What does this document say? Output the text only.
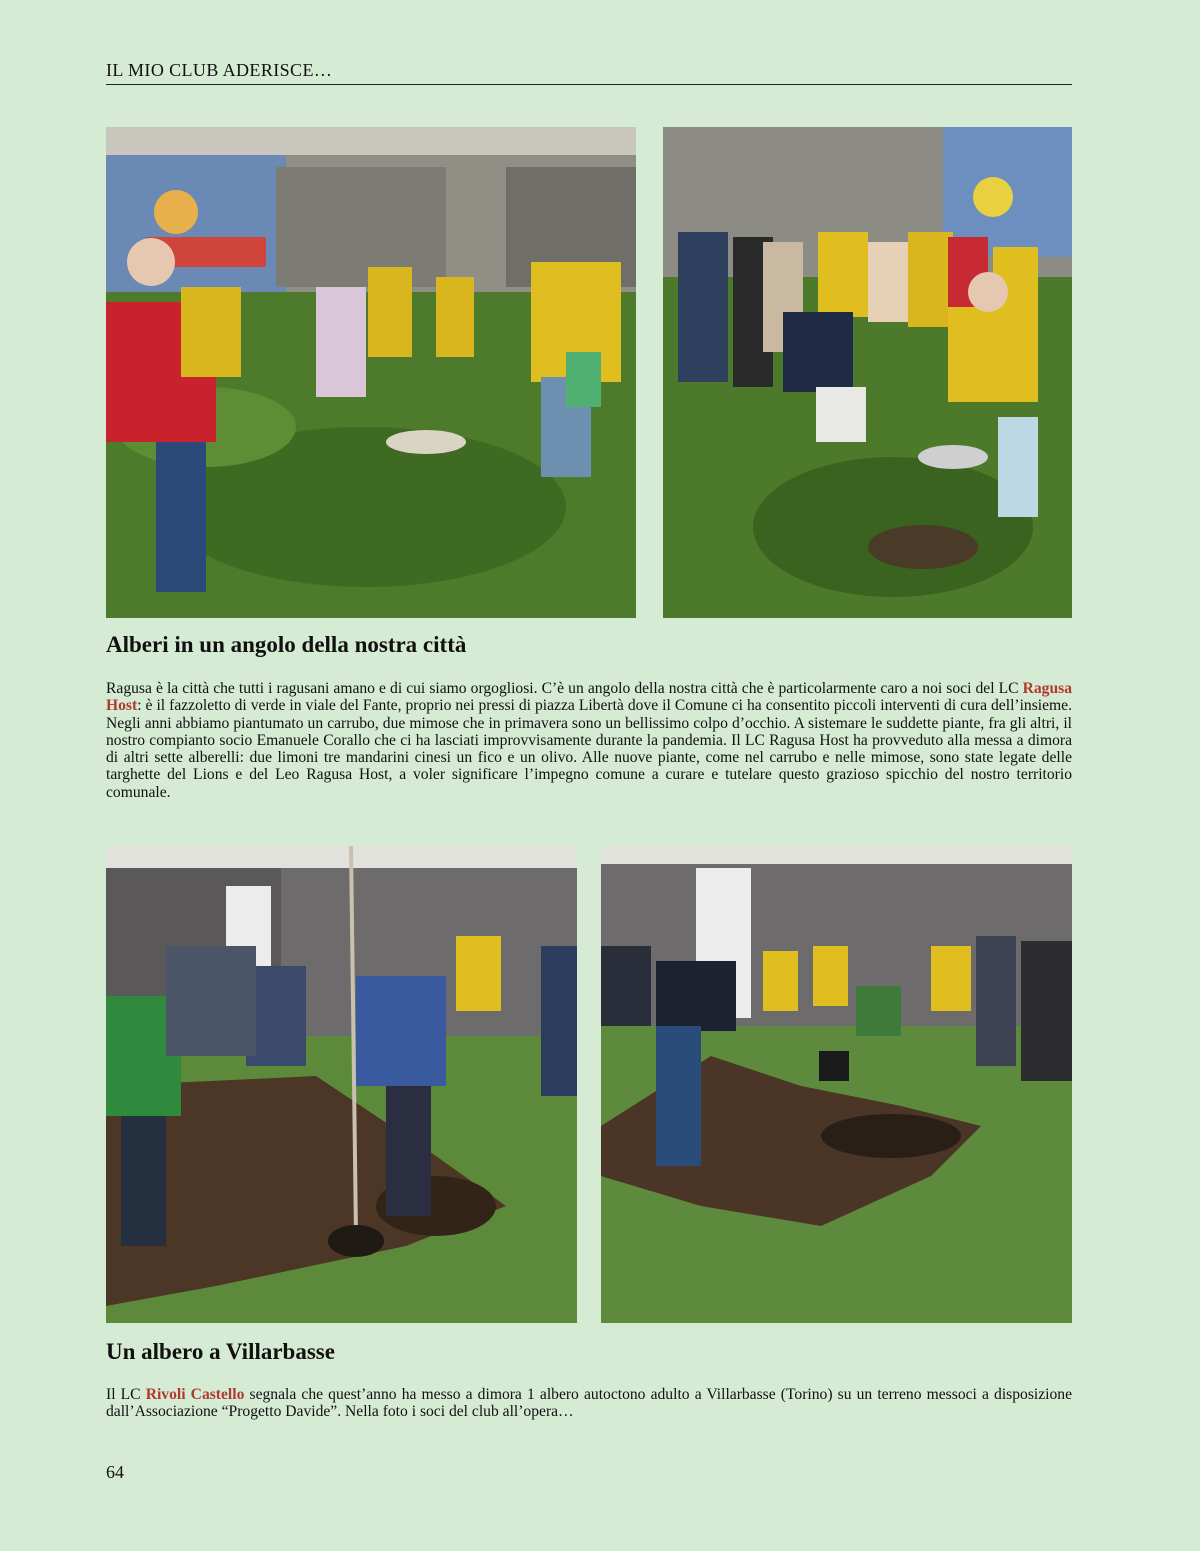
IL MIO CLUB ADERISCE…
Alberi in un angolo della nostra città

Ragusa è la città che tutti i ragusani amano e di cui siamo orgogliosi. C’è un angolo della nostra città che è particolarmente caro a noi soci del LC Ragusa Host: è il fazzoletto di verde in viale del Fante, proprio nei pressi di piazza Libertà dove il Comune ci ha consentito piccoli interventi di cura dell’insieme. Negli anni abbiamo piantumato un carrubo, due mimose che in primavera sono un bellissimo colpo d’occhio. A sistemare le suddette piante, fra gli altri, il nostro compianto socio Emanuele Corallo che ci ha lasciati improvvisamente durante la pandemia. Il LC Ragusa Host ha provveduto alla messa a dimora di altri sette alberelli: due limoni tre mandarini cinesi un fico e un olivo. Alle nuove piante, come nel carrubo e nelle mimose, sono state legate delle targhette del Lions e del Leo Ragusa Host, a voler significare l’impegno comune a curare e tutelare questo grazioso spicchio del nostro territorio comunale.

Un albero a Villarbasse

Il LC Rivoli Castello segnala che quest’anno ha messo a dimora 1 albero autoctono adulto a Villarbasse (Torino) su un terreno messoci a disposizione dall’Associazione “Progetto Davide”. Nella foto i soci del club all’opera…

64
